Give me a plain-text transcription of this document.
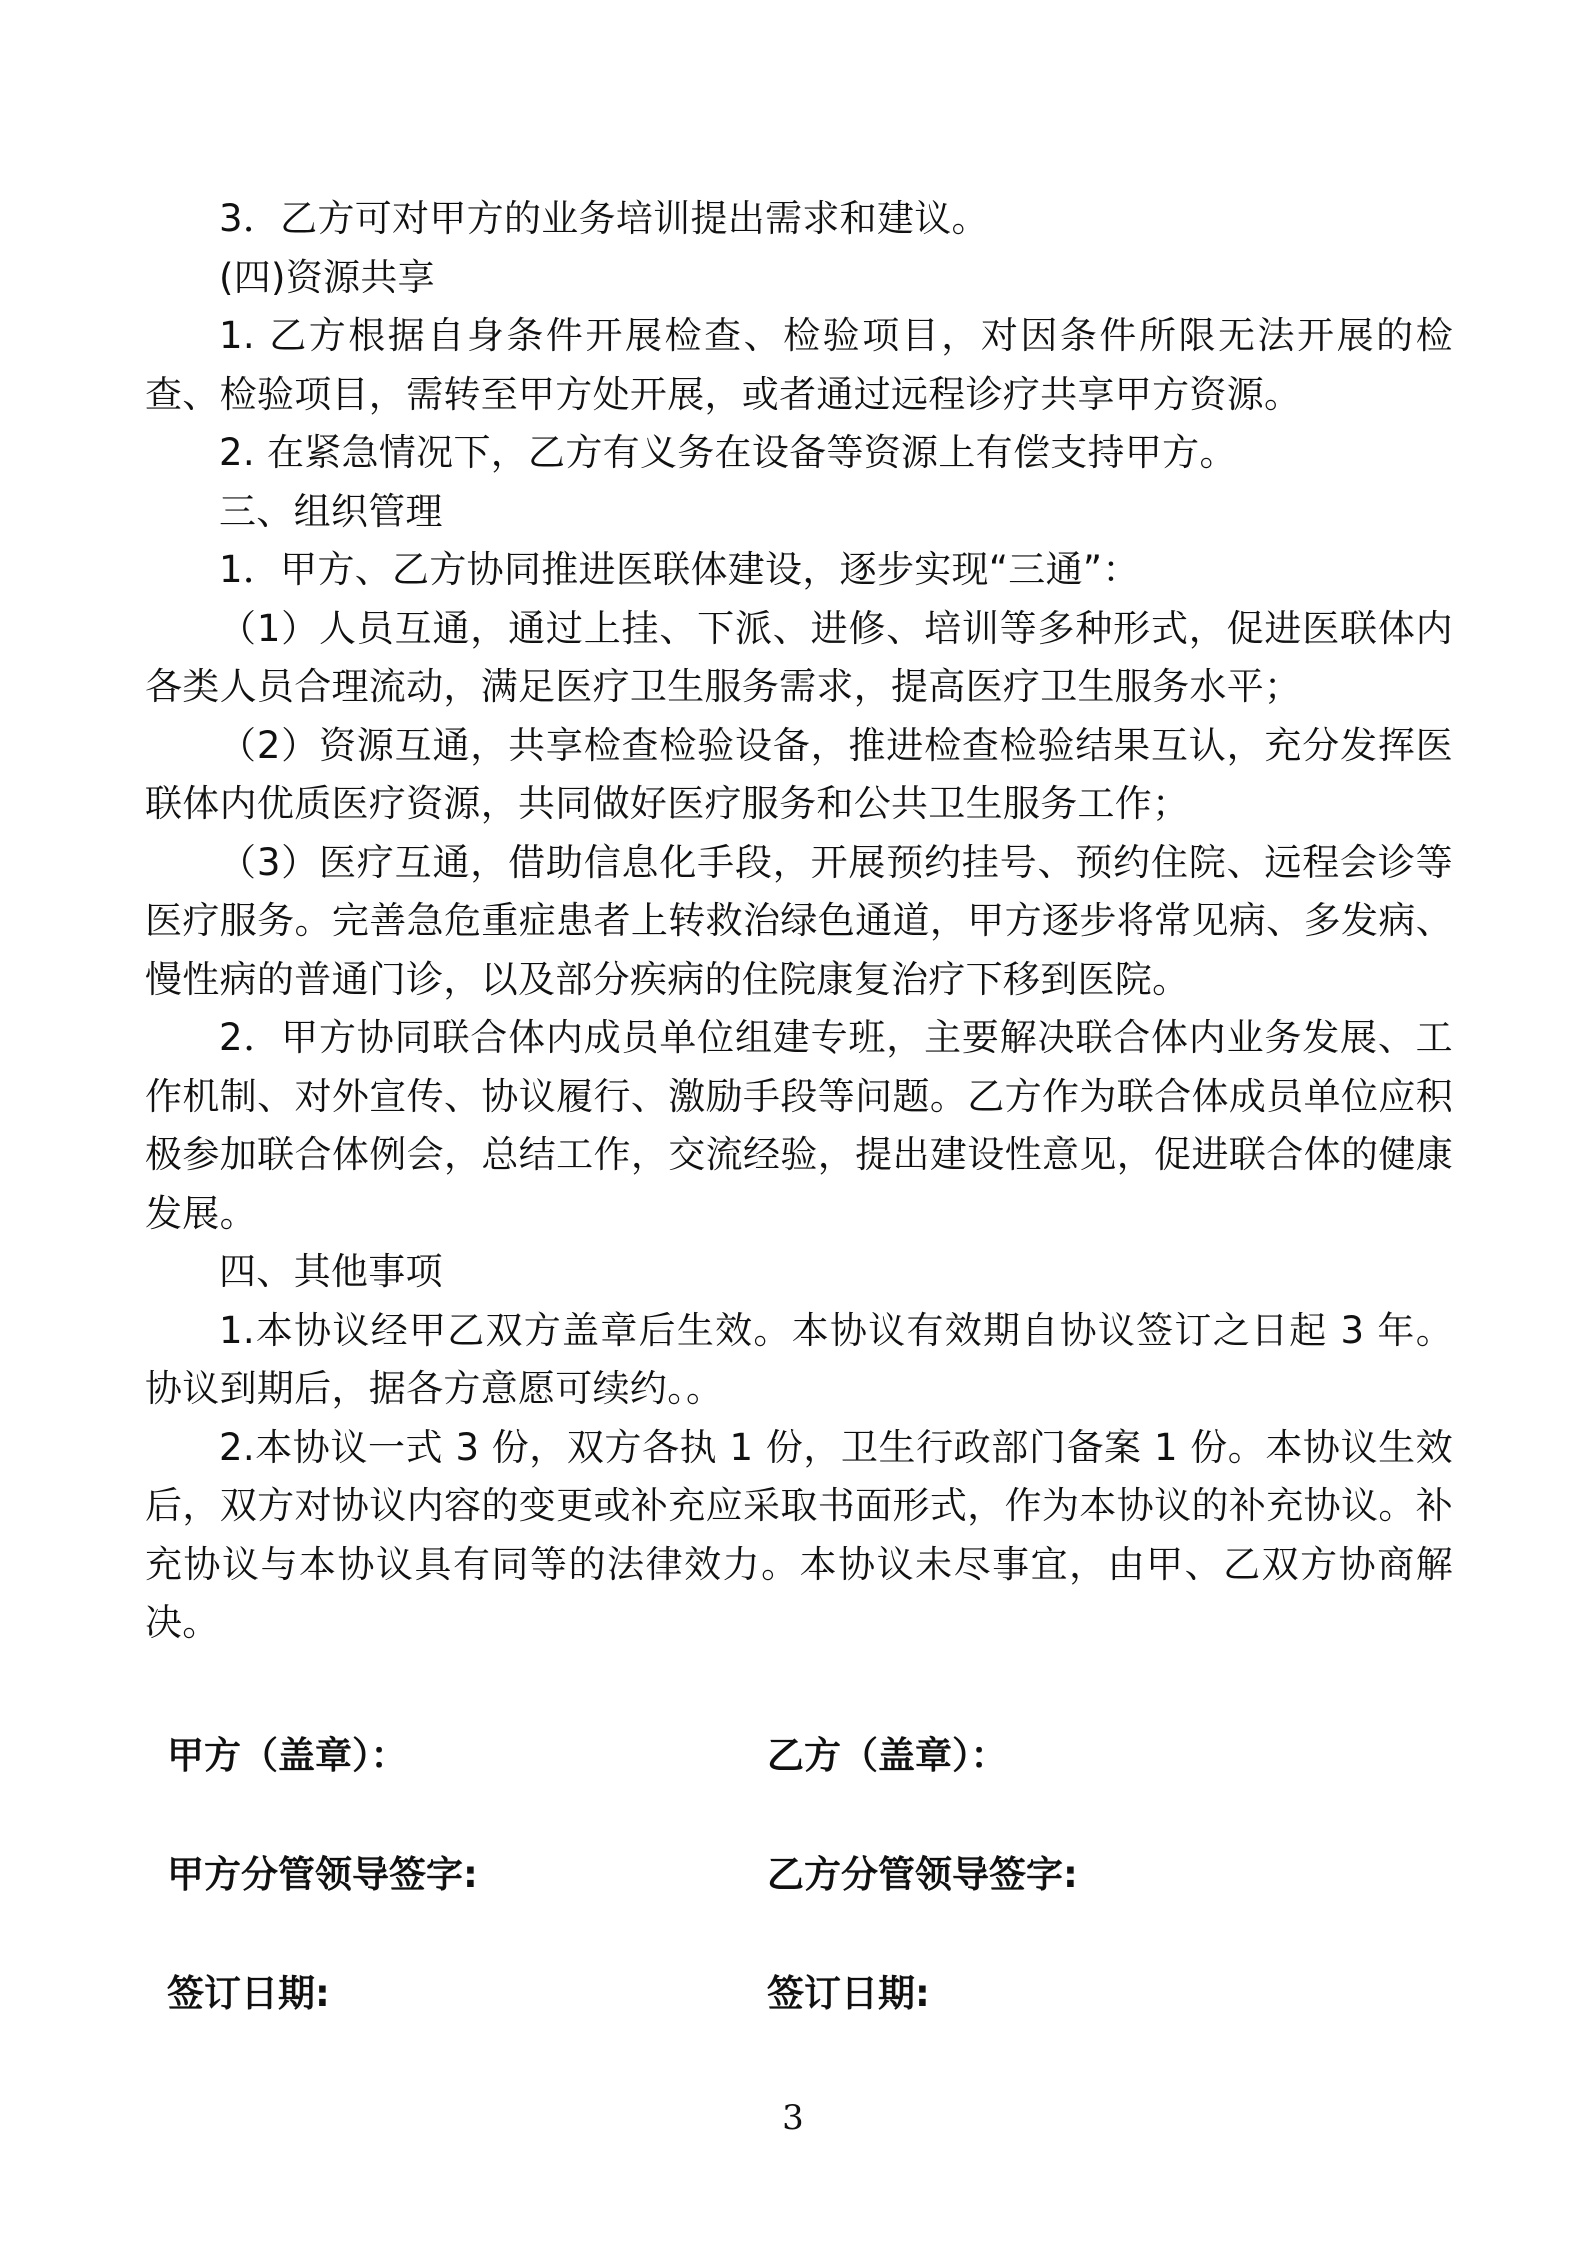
3．乙方可对甲方的业务培训提出需求和建议。

(四)资源共享

1. 乙方根据自身条件开展检查、检验项目，对因条件所限无法开展的检查、检验项目，需转至甲方处开展，或者通过远程诊疗共享甲方资源。

2. 在紧急情况下，乙方有义务在设备等资源上有偿支持甲方。

三、组织管理

1．甲方、乙方协同推进医联体建设，逐步实现“三通”：

（1）人员互通，通过上挂、下派、进修、培训等多种形式，促进医联体内各类人员合理流动，满足医疗卫生服务需求，提高医疗卫生服务水平；

（2）资源互通，共享检查检验设备，推进检查检验结果互认，充分发挥医联体内优质医疗资源，共同做好医疗服务和公共卫生服务工作；

（3）医疗互通，借助信息化手段，开展预约挂号、预约住院、远程会诊等医疗服务。完善急危重症患者上转救治绿色通道，甲方逐步将常见病、多发病、慢性病的普通门诊，以及部分疾病的住院康复治疗下移到医院。

2．甲方协同联合体内成员单位组建专班，主要解决联合体内业务发展、工作机制、对外宣传、协议履行、激励手段等问题。乙方作为联合体成员单位应积极参加联合体例会，总结工作，交流经验，提出建设性意见，促进联合体的健康发展。

四、其他事项

1.本协议经甲乙双方盖章后生效。本协议有效期自协议签订之日起 3 年。协议到期后，据各方意愿可续约。。

2.本协议一式 3 份，双方各执 1 份，卫生行政部门备案 1 份。本协议生效后，双方对协议内容的变更或补充应采取书面形式，作为本协议的补充协议。补充协议与本协议具有同等的法律效力。本协议未尽事宜，由甲、乙双方协商解决。

甲方（盖章）：	乙方（盖章）：
甲方分管领导签字:	乙方分管领导签字:
签订日期:	签订日期:
3
